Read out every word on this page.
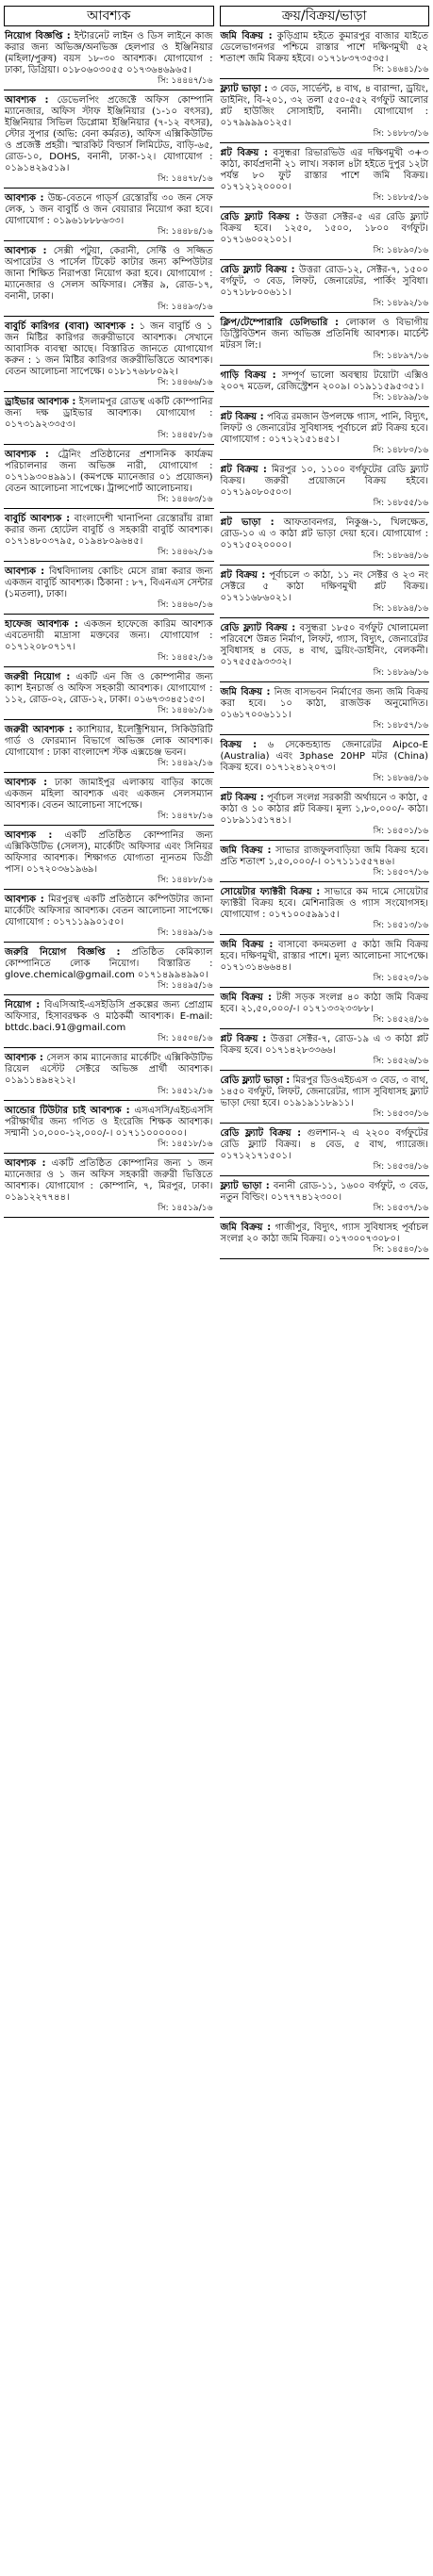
আবশ্যক
নিয়োগ বিজ্ঞপ্তি : ইন্টারনেট লাইন ও ডিস লাইনে কাজ করার জন্য অভিজ্ঞ/অনভিজ্ঞ হেলপার ও ইঞ্জিনিয়ার (মহিলা/পুরুষ) বয়স ১৮-৩০ আবশ্যক। যোগাযোগ : ঢাকা, ডিগ্রিয়া। ০১৮০৬০৩০৫৫ ০১৭৩৬৪৬৯৬৫।
সি: ১৪৪৪৭/১৬
আবশ্যক : ডেভেলপিং প্রজেক্টে অফিস কোম্পানি ম্যানেজার, অফিস স্টাফ ইঞ্জিনিয়ার (১-১০ বৎসর), ইঞ্জিনিয়ার সিভিল ডিপ্লোমা ইঞ্জিনিয়ার (৭-১২ বৎসর), স্টোর সুপার (অভি: বেনা কর্মরত), অফিস এক্সিকিউটিভ ও প্রজেক্ট প্রহরী। স্মারকিট বিল্ডার্স লিমিটেড, বাড়ি-৬৫, রোড-১০, DOHS, বনানী, ঢাকা-১২। যোগাযোগ : ০১৯১৪২৯৫১৯।
সি: ১৪৪৭৮/১৬
আবশ্যক : উচ্চ-বেতনে গার্ড্স রেস্তোরাঁয় ৩০ জন সেফ লেক, ১ জন বাবুর্চি ও জন বেয়ারার নিয়োগ করা হবে। যোগাযোগ : ০১৯৬১৮৮৮৬৩৩।
সি: ১৪৪৮৪/১৬
আবশ্যক : সেক্সী পটুয়া, কেরানী, সেফ্টি ও সজ্জিত অপারেটর ও পার্সেল টিকেট কাটার জন্য কম্পিউটার জানা শিক্ষিত নিরাপত্তা নিয়োগ করা হবে। যোগাযোগ : ম্যানেজার ও সেলস অফিসার। সেক্টর ৯, রোড-১৭, বনানী, ঢাকা।
সি: ১৪৪৯৩/১৬
বাবুর্চি কারিগর (বাবা) আবশ্যক : ১ জন বাবুর্চি ও ১ জন মিষ্টির কারিগর জরুরীভাবে আবশ্যক। সেখানে আবাসিক ব্যবস্থা আছে। বিস্তারিত জানতে যোগাযোগ করুন : ১ জন মিষ্টির কারিগর জরুরীভিত্তিতে আবশ্যক। বেতন আলোচনা সাপেক্ষে। ০১৮১৭৬৮৮০৯২।
সি: ১৪৪৬৬/১৬
ড্রাইভার আবশ্যক : ইসলামপুর রোডস্থ একটি কোম্পানির জন্য দক্ষ ড্রাইভার আবশ্যক। যোগাযোগ : ০১৭৩১৯২৩৩৫৩।
সি: ১৪৪৫৮/১৬
আবশ্যক : ট্রেনিং প্রতিষ্ঠানের প্রশাসনিক কার্যক্রম পরিচালনার জন্য অভিজ্ঞ নারী, যোগাযোগ : ০১৭১৯৩০৪৯৯১। (কমপক্ষে ম্যানেজার ০১ প্রয়োজন) বেতন আলোচনা সাপেক্ষে। ট্রান্সপোর্ট আলোচনায়।
সি: ১৪৪৬৩/১৬
বাবুর্চি আবশ্যক : বাংলাদেশী খানাপিনা রেস্তোরাঁয় রান্না করার জন্য হোটেল বাবুর্চি ও সহকারী বাবুর্চি আবশ্যক। ০১৭১৪৮০৩৭৯৫, ০১৯৪৮০৯৬৪৫।
সি: ১৪৪৬২/১৬
আবশ্যক : বিশ্ববিদ্যালয় কোচিং মেসে রান্না করার জন্য একজন বাবুর্চি আবশ্যক। ঠিকানা : ৮৭, বিএনএস সেন্টার (১মতলা), ঢাকা।
সি: ১৪৪৬০/১৬
হাফেজ আবশ্যক : একজন হাফেজে কারিম আবশ্যক এবতেদায়ী মাদ্রাসা মক্তবের জন্য। যোগাযোগ : ০১৭১২০৮০৭১৭।
সি: ১৪৪৫২/১৬
জরুরী নিয়োগ : একটি এন জি ও কোম্পানীর জন্য ক্যাশ ইনচার্জ ও অফিস সহকারী আবশ্যক। যোগাযোগ : ১১২, রোড-০২, রোড-১২, ঢাকা। ০১৬৭৩৩৪৫১৫৩।
সি: ১৪৪৬১/১৬
জরুরী আবশ্যক : ক্যাশিয়ার, ইলেক্ট্রিশিয়ান, সিকিউরিটি গার্ড ও ফোরম্যান বিভাগে অভিজ্ঞ লোক আবশ্যক। যোগাযোগ : ঢাকা বাংলাদেশ স্টক এক্সচেঞ্জ ভবন।
সি: ১৪৪৯২/১৬
আবশ্যক : ঢাকা জামাইপুর এলাকায় বাড়ির কাজে একজন মহিলা আবশ্যক এবং একজন সেলসম্যান আবশ্যক। বেতন আলোচনা সাপেক্ষে।
সি: ১৪৪৭৮/১৬
আবশ্যক : একটি প্রতিষ্ঠিত কোম্পানির জন্য এক্সিকিউটিভ (সেলস), মার্কেটিং অফিসার এবং সিনিয়র অফিসার আবশ্যক। শিক্ষাগত যোগ্যতা ন্যূনতম ডিগ্রী পাস। ০১৭২০৩৬১৯৬৯।
সি: ১৪৪৮৮/১৬
আবশ্যক : মিরপুরস্থ একটি প্রতিষ্ঠানে কম্পিউটার জানা মার্কেটিং অফিসার আবশ্যক। বেতন আলোচনা সাপেক্ষে। যোগাযোগ : ০১৭১১৯৯০১৫০।
সি: ১৪৪৯৯/১৬
জরুরি নিয়োগ বিজ্ঞপ্তি : প্রতিষ্ঠিত কেমিক্যাল কোম্পানিতে লোক নিয়োগ। বিস্তারিত : glove.chemical@gmail.com ০১৭১৪৯৯৪৯৯০।
সি: ১৪৪৯৫/১৬
নিয়োগ : বিএসিআই-এসইডিসি প্রকল্পের জন্য প্রোগ্রাম অফিসার, হিসাবরক্ষক ও মাঠকর্মী আবশ্যক। E-mail: bttdc.baci.91@gmail.com
সি: ১৪৫০৪/১৬
আবশ্যক : সেলস কাম ম্যানেজার মার্কেটিং এক্সিকিউটিভ রিয়েল এস্টেট সেক্টরে অভিজ্ঞ প্রার্থী আবশ্যক। ০১৯১১৪৯৪২১২।
সি: ১৪৫১২/১৬
আন্ডোর টিউটার চাই আবশ্যক : এসএসসি/এইচএসসি পরীক্ষার্থীর জন্য গণিত ও ইংরেজি শিক্ষক আবশ্যক। সম্মানী ১০,০০০-১২,০০০/-। ০১৭১১০০০০০০।
সি: ১৪৫১৮/১৬
আবশ্যক : একটি প্রতিষ্ঠিত কোম্পানির জন্য ১ জন ম্যানেজার ও ১ জন অফিস সহকারী জরুরী ভিত্তিতে আবশ্যক। যোগাযোগ : কোম্পানি, ৭, মিরপুর, ঢাকা। ০১৯১২২৭৭৪৪।
সি: ১৪৫১৯/১৬
ক্রয়/বিক্রয়/ভাড়া
জমি বিক্রয় : কুড়িগ্রাম হইতে কুমারপুর বাজার যাইতে ডেলেভাগনগর পশ্চিমে রাস্তার পাশে দক্ষিণমুখী ৫২ শতাংশ জমি বিক্রয় হইবে। ০১৭১৮৩৭৩৫৩৫।
সি: ১৪৬৪১/১৬
ফ্ল্যাট ভাড়া : ৩ বেড, সার্ভেন্ট, ৪ বাথ, ৪ বারান্দা, ড্রয়িং, ডাইনিং, বি-২০১, ৩২ তলা ৫৫০-৫৫২ বর্গফুট আলোর প্লট হাউজিং সোসাইটি, বনানী। যোগাযোগ : ০১৭৯৯৯৯০১২৫।
সি: ১৪৮৮৩/১৬
প্লট বিক্রয় : বসুন্ধরা রিভারভিউ এর দক্ষিণমুখী ৩+৩ কাঠা, কার্যপ্রদানী ২১ লাখ। সকাল ৪টা হইতে দুপুর ১২টা পর্যন্ত ৮০ ফুট রাস্তার পাশে জমি বিক্রয়। ০১৭১২১২০০০০।
সি: ১৪৮৮৫/১৬
রেডি ফ্ল্যাট বিক্রয় : উত্তরা সেক্টর-৫ এর রেডি ফ্ল্যাট বিক্রয় হবে। ১২৫০, ১৫০০, ১৮০০ বর্গফুট। ০১৭১৬০০২১০১।
সি: ১৪৮৯০/১৬
রেডি ফ্ল্যাট বিক্রয় : উত্তরা রোড-১২, সেক্টর-৭, ১৫০০ বর্গফুট, ৩ বেড, লিফট, জেনারেটর, পার্কিং সুবিধা। ০১৭১৮৮০০৬১১।
সি: ১৪৮৯২/১৬
ক্লিপ/টেম্পোরারি ডেলিভারি : লোকাল ও বিভাগীয় ডিস্ট্রিবিউশন জন্য অভিজ্ঞ প্রতিনিধি আবশ্যক। মার্চেন্ট মটরস লি:।
সি: ১৪৮৯৭/১৬
গাড়ি বিক্রয় : সম্পূর্ণ ভালো অবস্থায় টয়োটা এক্সিও ২০০৭ মডেল, রেজিস্ট্রেশন ২০০৯। ০১৯১১৫৯৫৩৫১।
সি: ১৪৮৯৯/১৬
প্লট বিক্রয় : পবিত্র রমজান উপলক্ষে গ্যাস, পানি, বিদ্যুৎ, লিফট ও জেনারেটর সুবিধাসহ পূর্বাচলে প্লট বিক্রয় হবে। যোগাযোগ : ০১৭১২১৫১৪৫১।
সি: ১৪৮৮০/১৬
প্লট বিক্রয় : মিরপুর ১০, ১১০০ বর্গফুটের রেডি ফ্ল্যাট বিক্রয়। জরুরী প্রয়োজনে বিক্রয় হইবে। ০১৭১৯০৮০৫০৩।
সি: ১৪৮৫৫/১৬
প্লট ভাড়া : আফতাবনগর, নিকুঞ্জ-১, খিলক্ষেত, রোড-১০ এ ৩ কাঠা প্লট ভাড়া দেয়া হবে। যোগাযোগ : ০১৭১৫০২০০০০।
সি: ১৪৮৬৪/১৬
প্লট বিক্রয় : পূর্বাচলে ৩ কাঠা, ১১ নং সেক্টর ও ২৩ নং সেক্টরে ৫ কাঠা দক্ষিণমুখী প্লট বিক্রয়। ০১৭১১৬৮৬০২১।
সি: ১৪৮৯৪/১৬
রেডি ফ্ল্যাট বিক্রয় : বসুন্ধরা ১৮৫০ বর্গফুট খোলামেলা পরিবেশে উন্নত নির্মাণ, লিফট, গ্যাস, বিদ্যুৎ, জেনারেটর সুবিধাসহ ৪ বেড, ৪ বাথ, ড্রয়িং-ডাইনিং, বেলকনী। ০১৭৫৫৫৯৩৩৩২।
সি: ১৪৮৯৬/১৬
জমি বিক্রয় : নিজ বাসভবন নির্মাণের জন্য জমি বিক্রয় করা হবে। ১০ কাঠা, রাজউক অনুমোদিত। ০১৬১৭০০৬১১১।
সি: ১৪৮৫৭/১৬
বিক্রয় : ৬ সেকেন্ডহ্যান্ড জেনারেটর Aipco-E (Australia) এবং 3phase 20HP মটর (China) বিক্রয় হবে। ০১৭১২৪১২০৭৩।
সি: ১৪৮৬৪/১৬
প্লট বিক্রয় : পূর্বাচল সংলগ্ন সরকারী অর্থায়নে ৩ কাঠা, ৫ কাঠা ও ১০ কাঠার প্লট বিক্রয়। মূল্য ১,৮০,০০০/- কাঠা। ০১৮৯১১৫১৭৪১।
সি: ১৪৫০১/১৬
জমি বিক্রয় : সাভার রাজফুলবাড়িয়া জমি বিক্রয় হবে। প্রতি শতাংশ ১,৫০,০০০/-। ০১৭১১১৫৫৭৪৬।
সি: ১৪৫০৭/১৬
সোয়েটার ফ্যাক্টরী বিক্রয় : সাভারে কম দামে সোয়েটার ফ্যাক্টরী বিক্রয় হবে। মেশিনারিজ ও গ্যাস সংযোগসহ। যোগাযোগ : ০১৭১০০৫৯৯১৫।
সি: ১৪৫১৩/১৬
জমি বিক্রয় : বাসাবো কদমতলা ৫ কাঠা জমি বিক্রয় হবে। দক্ষিণমুখী, রাস্তার পাশে। মূল্য আলোচনা সাপেক্ষে। ০১৭১৩১৪৬৬৪৪।
সি: ১৪৫২০/১৬
জমি বিক্রয় : টঙ্গী সড়ক সংলগ্ন ৪০ কাঠা জমি বিক্রয় হবে। ২১,৫০,০০০/-। ০১৭১৩৩২৩৩৮৮।
সি: ১৪৫২৪/১৬
প্লট বিক্রয় : উত্তরা সেক্টর-৭, রোড-১৯ এ ৩ কাঠা প্লট বিক্রয় হবে। ০১৭১৪২৮৩৩৬৬।
সি: ১৪৫২৬/১৬
রেডি ফ্ল্যাট ভাড়া : মিরপুর ডিওএইচএস ৩ বেড, ৩ বাথ, ১৪৫০ বর্গফুট, লিফট, জেনারেটর, গ্যাস সুবিধাসহ ফ্ল্যাট ভাড়া দেয়া হবে। ০১৯১৯১১৮৯১১।
সি: ১৪৫৩০/১৬
রেডি ফ্ল্যাট বিক্রয় : গুলশান-২ এ ২২০০ বর্গফুটের রেডি ফ্ল্যাট বিক্রয়। ৪ বেড, ৫ বাথ, গ্যারেজ। ০১৭১২১৭১৫০১।
সি: ১৪৫৩৪/১৬
ফ্ল্যাট ভাড়া : বনানী রোড-১১, ১৬০০ বর্গফুট, ৩ বেড, নতুন বিল্ডিং। ০১৭৭৭৪১২৩০০।
সি: ১৪৫৩৭/১৬
জমি বিক্রয় : গাজীপুর, বিদ্যুৎ, গ্যাস সুবিধাসহ পূর্বাচল সংলগ্ন ২০ কাঠা জমি বিক্রয়। ০১৭৩০০৭৩০৮০।
সি: ১৪৫৪০/১৬
